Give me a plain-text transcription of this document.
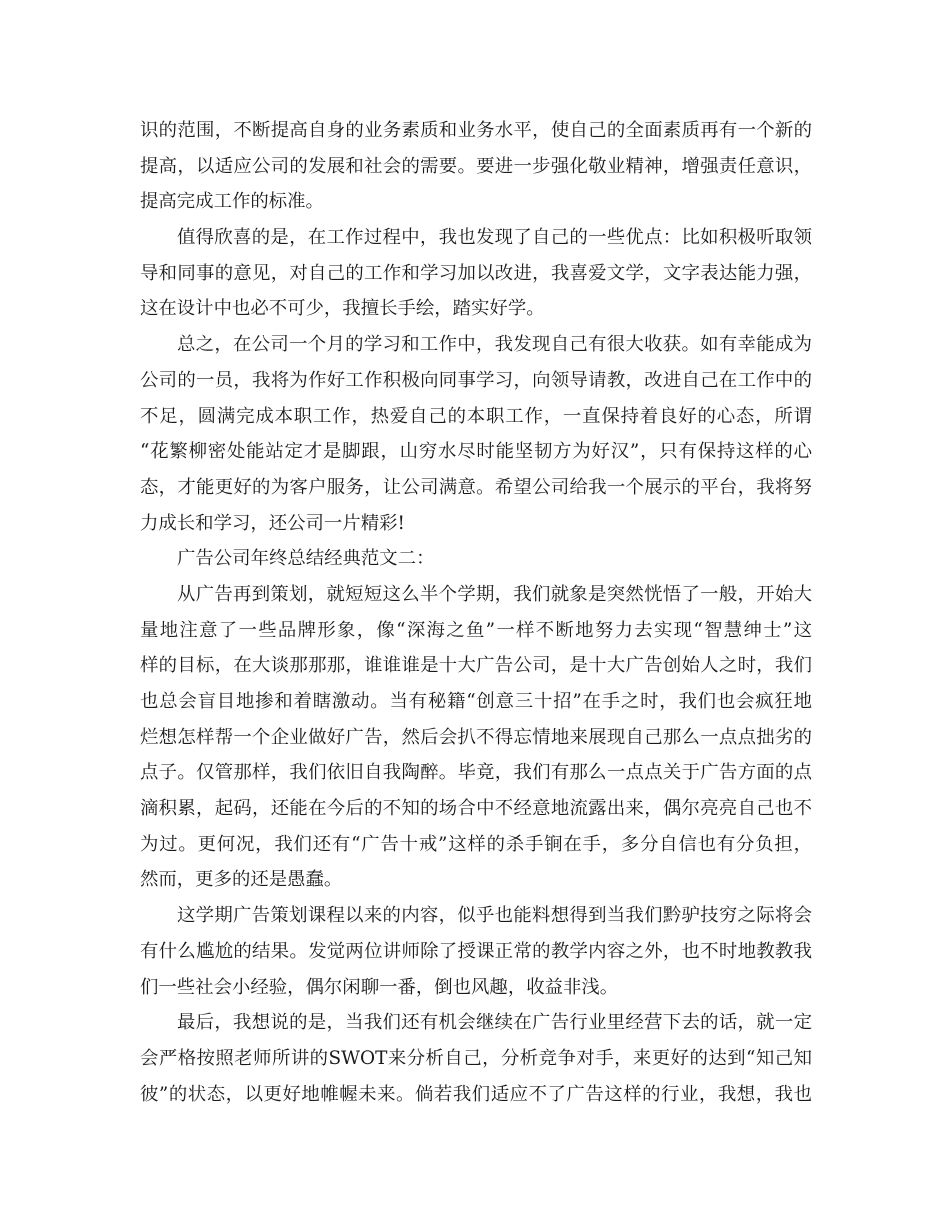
识的范围，不断提高自身的业务素质和业务水平，使自己的全面素质再有一个新的
提高，以适应公司的发展和社会的需要。要进一步强化敬业精神，增强责任意识，
提高完成工作的标准。
值得欣喜的是，在工作过程中，我也发现了自己的一些优点：比如积极听取领
导和同事的意见，对自己的工作和学习加以改进，我喜爱文学，文字表达能力强，
这在设计中也必不可少，我擅长手绘，踏实好学。
总之，在公司一个月的学习和工作中，我发现自己有很大收获。如有幸能成为
公司的一员，我将为作好工作积极向同事学习，向领导请教，改进自己在工作中的
不足，圆满完成本职工作，热爱自己的本职工作，一直保持着良好的心态，所谓
“花繁柳密处能站定才是脚跟，山穷水尽时能坚韧方为好汉”，只有保持这样的心
态，才能更好的为客户服务，让公司满意。希望公司给我一个展示的平台，我将努
力成长和学习，还公司一片精彩!
广告公司年终总结经典范文二：
从广告再到策划，就短短这么半个学期，我们就象是突然恍悟了一般，开始大
量地注意了一些品牌形象，像“深海之鱼”一样不断地努力去实现“智慧绅士”这
样的目标，在大谈那那那，谁谁谁是十大广告公司，是十大广告创始人之时，我们
也总会盲目地掺和着瞎激动。当有秘籍“创意三十招”在手之时，我们也会疯狂地
烂想怎样帮一个企业做好广告，然后会扒不得忘情地来展现自己那么一点点拙劣的
点子。仅管那样，我们依旧自我陶醉。毕竟，我们有那么一点点关于广告方面的点
滴积累，起码，还能在今后的不知的场合中不经意地流露出来，偶尔亮亮自己也不
为过。更何况，我们还有“广告十戒”这样的杀手锏在手，多分自信也有分负担，
然而，更多的还是愚蠢。
这学期广告策划课程以来的内容，似乎也能料想得到当我们黔驴技穷之际将会
有什么尴尬的结果。发觉两位讲师除了授课正常的教学内容之外，也不时地教教我
们一些社会小经验，偶尔闲聊一番，倒也风趣，收益非浅。
最后，我想说的是，当我们还有机会继续在广告行业里经营下去的话，就一定
会严格按照老师所讲的SWOT来分析自己，分析竞争对手，来更好的达到“知己知
彼”的状态，以更好地帷幄未来。倘若我们适应不了广告这样的行业，我想，我也
